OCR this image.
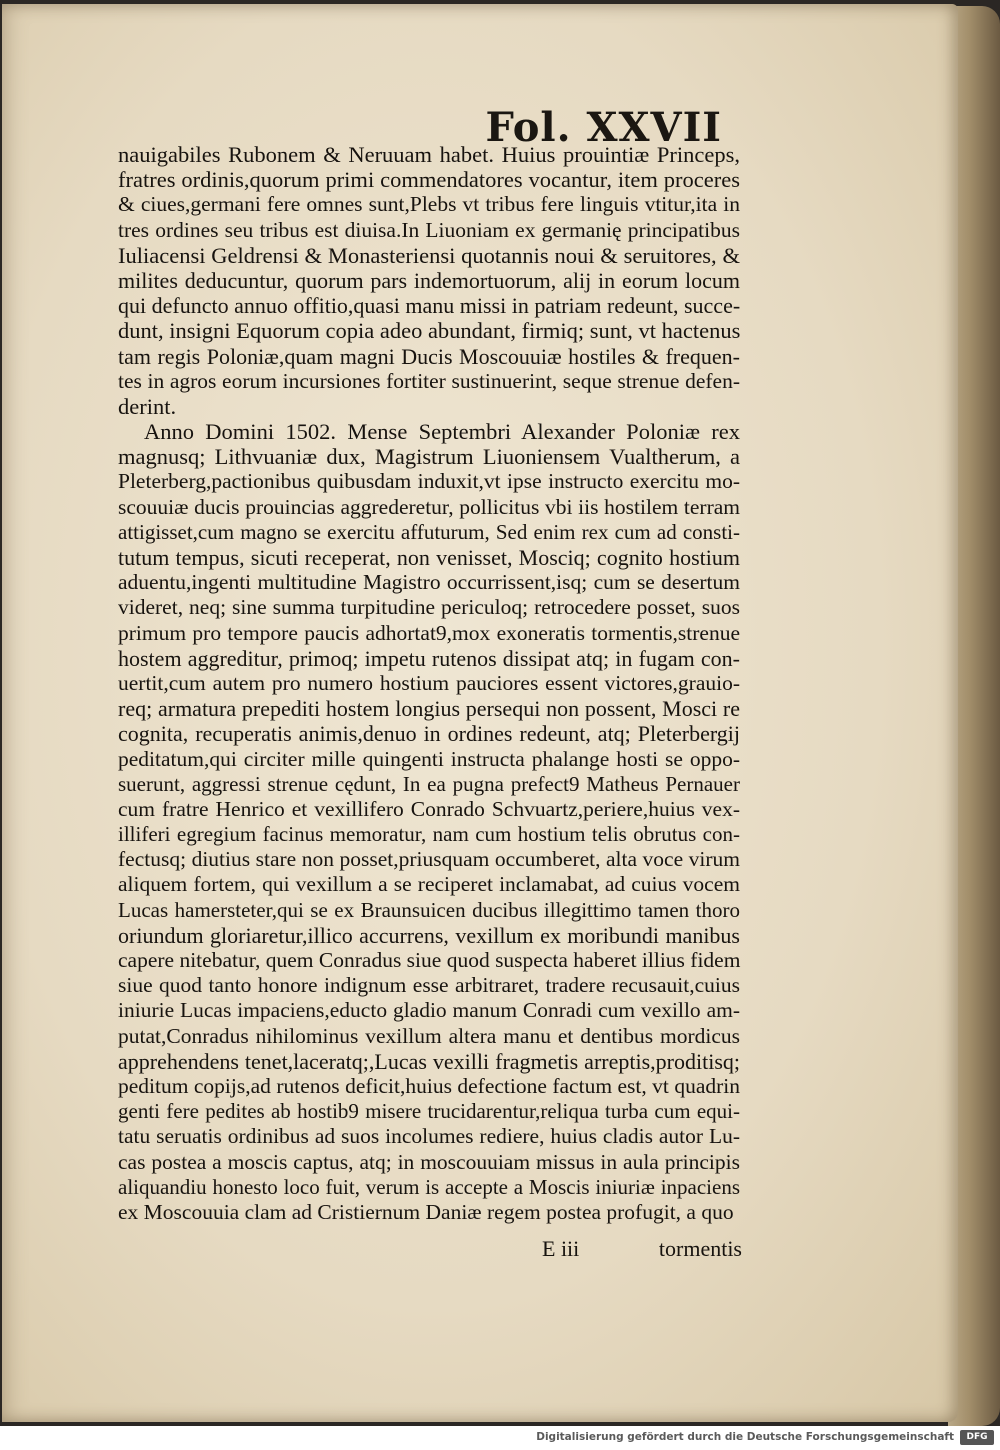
Fol. XXVII
nauigabiles Rubonem & Neruuam habet. Huius prouintiæ Princeps,
fratres ordinis,quorum primi commendatores vocantur, item proceres
& ciues,germani fere omnes sunt,Plebs vt tribus fere linguis vtitur,ita in
tres ordines seu tribus est diuisa.In Liuoniam ex germanię principatibus
Iuliacensi Geldrensi & Monasteriensi quotannis noui & seruitores, &
milites deducuntur, quorum pars indemortuorum, alij in eorum locum
qui defuncto annuo offitio,quasi manu missi in patriam redeunt, succe-
dunt, insigni Equorum copia adeo abundant, firmiq; sunt, vt hactenus
tam regis Poloniæ,quam magni Ducis Moscouuiæ hostiles & frequen-
tes in agros eorum incursiones fortiter sustinuerint, seque strenue defen-
derint.
Anno Domini 1502. Mense Septembri Alexander Poloniæ rex
magnusq; Lithvuaniæ dux, Magistrum Liuoniensem Vualtherum, a
Pleterberg,pactionibus quibusdam induxit,vt ipse instructo exercitu mo-
scouuiæ ducis prouincias aggrederetur, pollicitus vbi iis hostilem terram
attigisset,cum magno se exercitu affuturum, Sed enim rex cum ad consti-
tutum tempus, sicuti receperat, non venisset, Mosciq; cognito hostium
aduentu,ingenti multitudine Magistro occurrissent,isq; cum se desertum
videret, neq; sine summa turpitudine periculoq; retrocedere posset, suos
primum pro tempore paucis adhortat9,mox exoneratis tormentis,strenue
hostem aggreditur, primoq; impetu rutenos dissipat atq; in fugam con-
uertit,cum autem pro numero hostium pauciores essent victores,grauio-
req; armatura prepediti hostem longius persequi non possent, Mosci re
cognita, recuperatis animis,denuo in ordines redeunt, atq; Pleterbergij
peditatum,qui circiter mille quingenti instructa phalange hosti se oppo-
suerunt, aggressi strenue cędunt, In ea pugna prefect9 Matheus Pernauer
cum fratre Henrico et vexillifero Conrado Schvuartz,periere,huius vex-
illiferi egregium facinus memoratur, nam cum hostium telis obrutus con-
fectusq; diutius stare non posset,priusquam occumberet, alta voce virum
aliquem fortem, qui vexillum a se reciperet inclamabat, ad cuius vocem
Lucas hamersteter,qui se ex Braunsuicen ducibus illegittimo tamen thoro
oriundum gloriaretur,illico accurrens, vexillum ex moribundi manibus
capere nitebatur, quem Conradus siue quod suspecta haberet illius fidem
siue quod tanto honore indignum esse arbitraret, tradere recusauit,cuius
iniurie Lucas impaciens,educto gladio manum Conradi cum vexillo am-
putat,Conradus nihilominus vexillum altera manu et dentibus mordicus
apprehendens tenet,laceratq;,Lucas vexilli fragmetis arreptis,proditisq;
peditum copijs,ad rutenos deficit,huius defectione factum est, vt quadrin
genti fere pedites ab hostib9 misere trucidarentur,reliqua turba cum equi-
tatu seruatis ordinibus ad suos incolumes rediere, huius cladis autor Lu-
cas postea a moscis captus, atq; in moscouuiam missus in aula principis
aliquandiu honesto loco fuit, verum is accepte a Moscis iniuriæ inpaciens
ex Moscouuia clam ad Cristiernum Daniæ regem postea profugit, a quo
E iii	tormentis
Digitalisierung gefördert durch die Deutsche Forschungsgemeinschaft	DFG
